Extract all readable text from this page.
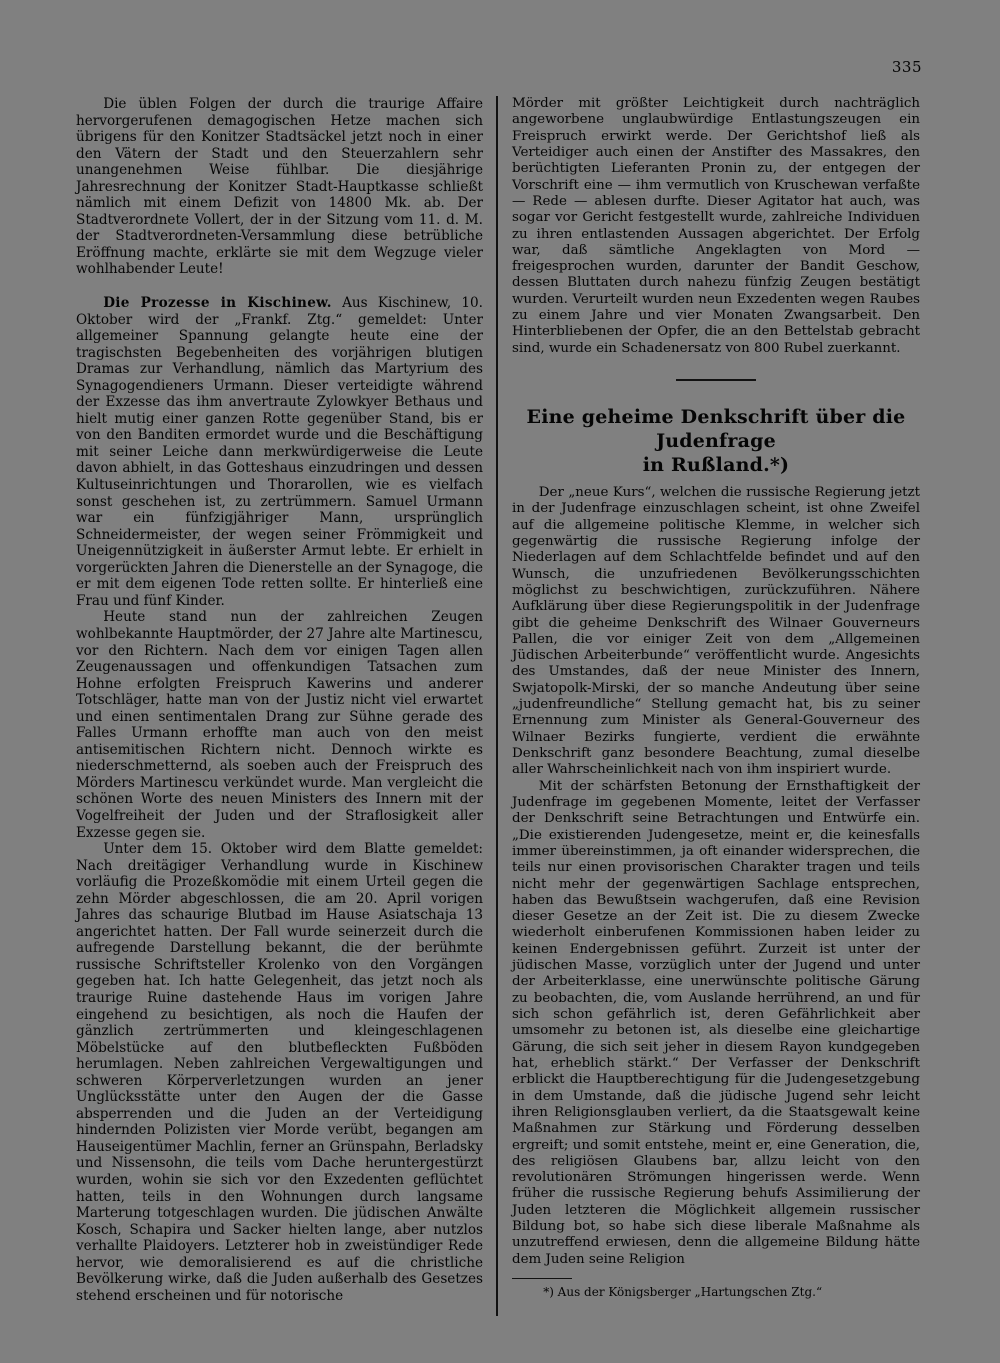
335

Die üblen Folgen der durch die traurige Affaire hervorgerufenen demagogischen Hetze machen sich übrigens für den Konitzer Stadtsäckel jetzt noch in einer den Vätern der Stadt und den Steuerzahlern sehr unangenehmen Weise fühlbar. Die diesjährige Jahresrechnung der Konitzer Stadt-Hauptkasse schließt nämlich mit einem Defizit von 14800 Mk. ab. Der Stadtverordnete Vollert, der in der Sitzung vom 11. d. M. der Stadtverordneten-Versammlung diese betrübliche Eröffnung machte, erklärte sie mit dem Wegzuge vieler wohlhabender Leute!

Die Prozesse in Kischinew. Aus Kischinew, 10. Oktober wird der „Frankf. Ztg.“ gemeldet: Unter allgemeiner Spannung gelangte heute eine der tragischsten Begebenheiten des vorjährigen blutigen Dramas zur Verhandlung, nämlich das Martyrium des Synagogendieners Urmann. Dieser verteidigte während der Exzesse das ihm anvertraute Zylowkyer Bethaus und hielt mutig einer ganzen Rotte gegenüber Stand, bis er von den Banditen ermordet wurde und die Beschäftigung mit seiner Leiche dann merkwürdigerweise die Leute davon abhielt, in das Gotteshaus einzudringen und dessen Kultuseinrichtungen und Thorarollen, wie es vielfach sonst geschehen ist, zu zertrümmern. Samuel Urmann war ein fünfzigjähriger Mann, ursprünglich Schneidermeister, der wegen seiner Frömmigkeit und Uneigennützigkeit in äußerster Armut lebte. Er erhielt in vorgerückten Jahren die Dienerstelle an der Synagoge, die er mit dem eigenen Tode retten sollte. Er hinterließ eine Frau und fünf Kinder.

Heute stand nun der zahlreichen Zeugen wohlbekannte Hauptmörder, der 27 Jahre alte Martinescu, vor den Richtern. Nach dem vor einigen Tagen allen Zeugenaussagen und offenkundigen Tatsachen zum Hohne erfolgten Freispruch Kawerins und anderer Totschläger, hatte man von der Justiz nicht viel erwartet und einen sentimentalen Drang zur Sühne gerade des Falles Urmann erhoffte man auch von den meist antisemitischen Richtern nicht. Dennoch wirkte es niederschmetternd, als soeben auch der Freispruch des Mörders Martinescu verkündet wurde. Man vergleicht die schönen Worte des neuen Ministers des Innern mit der Vogelfreiheit der Juden und der Straflosigkeit aller Exzesse gegen sie.

Unter dem 15. Oktober wird dem Blatte gemeldet: Nach dreitägiger Verhandlung wurde in Kischinew vorläufig die Prozeßkomödie mit einem Urteil gegen die zehn Mörder abgeschlossen, die am 20. April vorigen Jahres das schaurige Blutbad im Hause Asiatschaja 13 angerichtet hatten. Der Fall wurde seinerzeit durch die aufregende Darstellung bekannt, die der berühmte russische Schriftsteller Krolenko von den Vorgängen gegeben hat. Ich hatte Gelegenheit, das jetzt noch als traurige Ruine dastehende Haus im vorigen Jahre eingehend zu besichtigen, als noch die Haufen der gänzlich zertrümmerten und kleingeschlagenen Möbelstücke auf den blutbefleckten Fußböden herumlagen. Neben zahlreichen Vergewaltigungen und schweren Körperverletzungen wurden an jener Unglücksstätte unter den Augen der die Gasse absperrenden und die Juden an der Verteidigung hindernden Polizisten vier Morde verübt, begangen am Hauseigentümer Machlin, ferner an Grünspahn, Berladsky und Nissensohn, die teils vom Dache heruntergestürzt wurden, wohin sie sich vor den Exzedenten geflüchtet hatten, teils in den Wohnungen durch langsame Marterung totgeschlagen wurden. Die jüdischen Anwälte Kosch, Schapira und Sacker hielten lange, aber nutzlos verhallte Plaidoyers. Letzterer hob in zweistündiger Rede hervor, wie demoralisierend es auf die christliche Bevölkerung wirke, daß die Juden außerhalb des Gesetzes stehend erscheinen und für notorische

Mörder mit größter Leichtigkeit durch nachträglich angeworbene unglaubwürdige Entlastungszeugen ein Freispruch erwirkt werde. Der Gerichtshof ließ als Verteidiger auch einen der Anstifter des Massakres, den berüchtigten Lieferanten Pronin zu, der entgegen der Vorschrift eine — ihm vermutlich von Kruschewan verfaßte — Rede — ablesen durfte. Dieser Agitator hat auch, was sogar vor Gericht festgestellt wurde, zahlreiche Individuen zu ihren entlastenden Aussagen abgerichtet. Der Erfolg war, daß sämtliche Angeklagten von Mord — freigesprochen wurden, darunter der Bandit Geschow, dessen Bluttaten durch nahezu fünfzig Zeugen bestätigt wurden. Verurteilt wurden neun Exzedenten wegen Raubes zu einem Jahre und vier Monaten Zwangsarbeit. Den Hinterbliebenen der Opfer, die an den Bettelstab gebracht sind, wurde ein Schadenersatz von 800 Rubel zuerkannt.

Eine geheime Denkschrift über die Judenfrage
in Rußland.*)

Der „neue Kurs“, welchen die russische Regierung jetzt in der Judenfrage einzuschlagen scheint, ist ohne Zweifel auf die allgemeine politische Klemme, in welcher sich gegenwärtig die russische Regierung infolge der Niederlagen auf dem Schlachtfelde befindet und auf den Wunsch, die unzufriedenen Bevölkerungsschichten möglichst zu beschwichtigen, zurückzuführen. Nähere Aufklärung über diese Regierungspolitik in der Judenfrage gibt die geheime Denkschrift des Wilnaer Gouverneurs Pallen, die vor einiger Zeit von dem „Allgemeinen Jüdischen Arbeiterbunde“ veröffentlicht wurde. Angesichts des Umstandes, daß der neue Minister des Innern, Swjatopolk-Mirski, der so manche Andeutung über seine „judenfreundliche“ Stellung gemacht hat, bis zu seiner Ernennung zum Minister als General-Gouverneur des Wilnaer Bezirks fungierte, verdient die erwähnte Denkschrift ganz besondere Beachtung, zumal dieselbe aller Wahrscheinlichkeit nach von ihm inspiriert wurde.

Mit der schärfsten Betonung der Ernsthaftigkeit der Judenfrage im gegebenen Momente, leitet der Verfasser der Denkschrift seine Betrachtungen und Entwürfe ein. „Die existierenden Judengesetze, meint er, die keinesfalls immer übereinstimmen, ja oft einander widersprechen, die teils nur einen provisorischen Charakter tragen und teils nicht mehr der gegenwärtigen Sachlage entsprechen, haben das Bewußtsein wachgerufen, daß eine Revision dieser Gesetze an der Zeit ist. Die zu diesem Zwecke wiederholt einberufenen Kommissionen haben leider zu keinen Endergebnissen geführt. Zurzeit ist unter der jüdischen Masse, vorzüglich unter der Jugend und unter der Arbeiterklasse, eine unerwünschte politische Gärung zu beobachten, die, vom Auslande herrührend, an und für sich schon gefährlich ist, deren Gefährlichkeit aber umsomehr zu betonen ist, als dieselbe eine gleichartige Gärung, die sich seit jeher in diesem Rayon kundgegeben hat, erheblich stärkt.“ Der Verfasser der Denkschrift erblickt die Hauptberechtigung für die Judengesetzgebung in dem Umstande, daß die jüdische Jugend sehr leicht ihren Religionsglauben verliert, da die Staatsgewalt keine Maßnahmen zur Stärkung und Förderung desselben ergreift; und somit entstehe, meint er, eine Generation, die, des religiösen Glaubens bar, allzu leicht von den revolutionären Strömungen hingerissen werde. Wenn früher die russische Regierung behufs Assimilierung der Juden letzteren die Möglichkeit allgemein russischer Bildung bot, so habe sich diese liberale Maßnahme als unzutreffend erwiesen, denn die allgemeine Bildung hätte dem Juden seine Religion

*) Aus der Königsberger „Hartungschen Ztg.“
